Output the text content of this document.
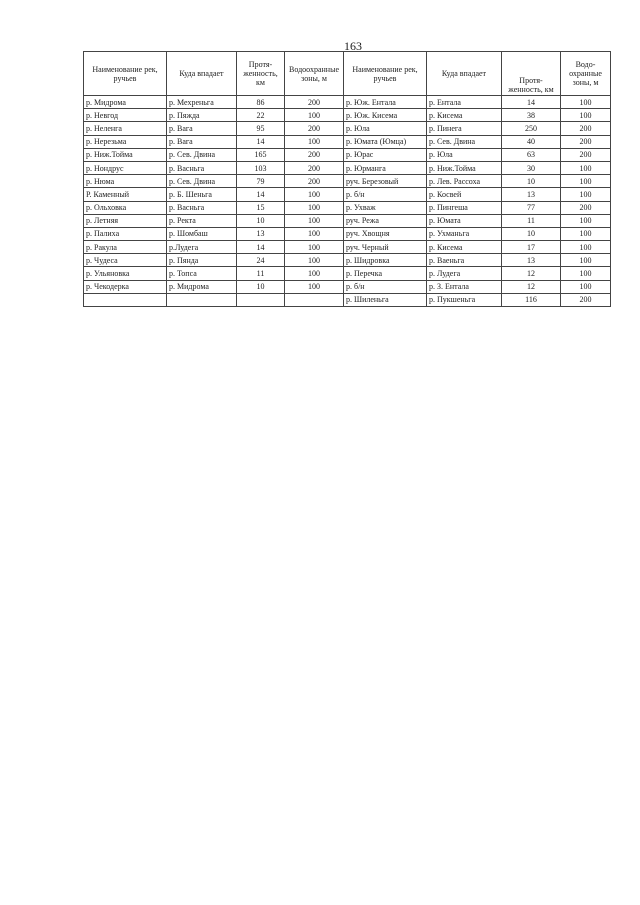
163
Наименование рек, ручьев	Куда впадает	Протя-женность, км	Водоохранные зоны, м	Наименование рек, ручьев	Куда впадает	Протя-женность, км	Водо-охранные зоны, м
р. Мидрома	р. Мехреньга	86	200	р. Юж. Ентала	р. Ентала	14	100
р. Невгод	р. Пяжда	22	100	р. Юж. Кисема	р. Кисема	38	100
р. Неленга	р. Вага	95	200	р. Юла	р. Пинега	250	200
р. Нерезьма	р. Вага	14	100	р. Юмата (Юмца)	р. Сев. Двина	40	200
р. Ниж.Тойма	р. Сев. Двина	165	200	р. Юрас	р. Юла	63	200
р. Нондрус	р. Васньга	103	200	р. Юрманга	р. Ниж.Тойма	30	100
р. Нюма	р. Сев. Двина	79	200	руч. Березовый	р. Лев. Рассоха	10	100
Р. Каменный	р. Б. Шеньга	14	100	р. б/н	р. Косвей	13	100
р. Ольховка	р. Васньга	15	100	р. Ухваж	р. Пингеша	77	200
р. Летняя	р. Ректа	10	100	руч. Режа	р. Юмата	11	100
р. Палиха	р. Шомбаш	13	100	руч. Хвощня	р. Ухманьга	10	100
р. Ракула	р.Лудега	14	100	руч. Черный	р. Кисема	17	100
р. Чудеса	р. Пянда	24	100	р. Шидровка	р. Ваеньга	13	100
р. Ульяновка	р. Топса	11	100	р. Перечка	р. Лудега	12	100
р. Чекодерка	р. Мидрома	10	100	р. б/н	р. З. Ентала	12	100
				р. Шиленьга	р. Пукшеньга	116	200
